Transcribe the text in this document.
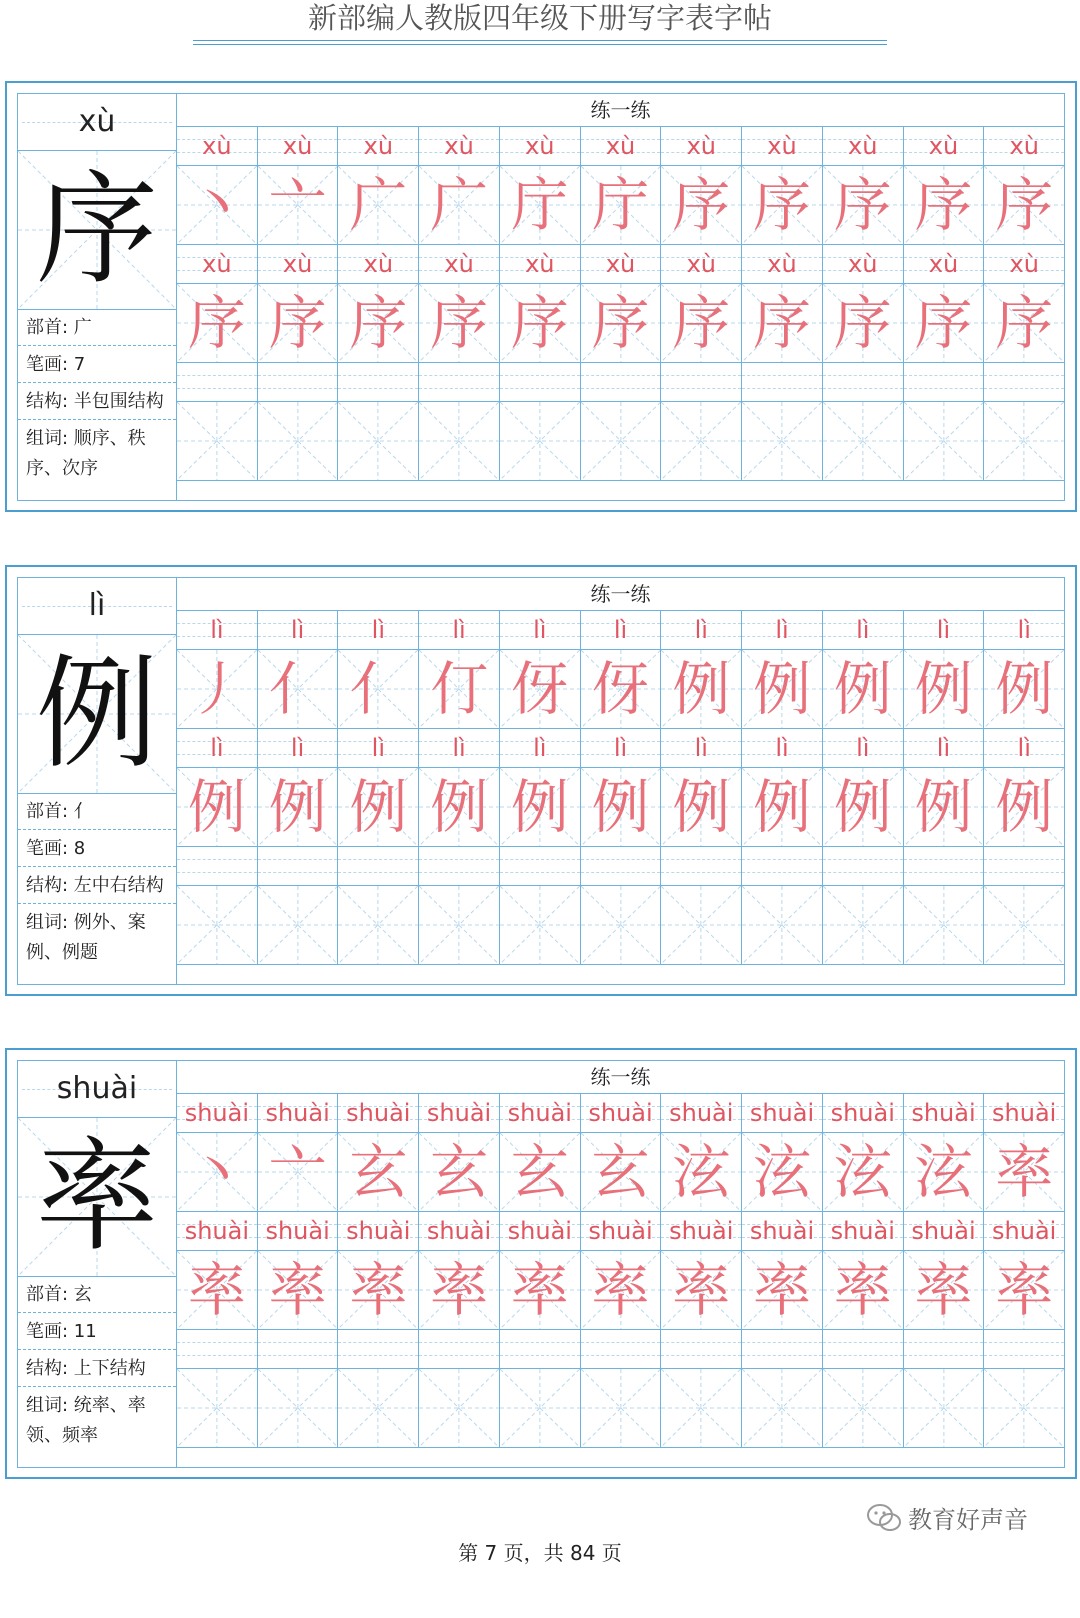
新部编人教版四年级下册写字表字帖
xù
序
部首: 广
笔画: 7
结构: 半包围结构
组词: 顺序、秩序、次序
练一练
xù	xù	xù	xù	xù	xù	xù	xù	xù	xù	xù
丶 亠 广 广 庁 庁 序 序 序 序 序
xù	xù	xù	xù	xù	xù	xù	xù	xù	xù	xù
序 序 序 序 序 序 序 序 序 序 序
lì
例
部首: 亻
笔画: 8
结构: 左中右结构
组词: 例外、案例、例题
练一练
lì	lì	lì	lì	lì	lì	lì	lì	lì	lì	lì
丿 亻 亻 仃 伢 伢 例 例 例 例 例
lì	lì	lì	lì	lì	lì	lì	lì	lì	lì	lì
例 例 例 例 例 例 例 例 例 例 例
shuài
率
部首: 玄
笔画: 11
结构: 上下结构
组词: 统率、率领、频率
练一练
shuài shuài shuài shuài shuài shuài shuài shuài shuài shuài shuài
丶 亠 玄 玄 玄 玄 泫 泫 泫 泫 率
shuài shuài shuài shuài shuài shuài shuài shuài shuài shuài shuài
率 率 率 率 率 率 率 率 率 率 率
教育好声音
第 7 页，共 84 页
